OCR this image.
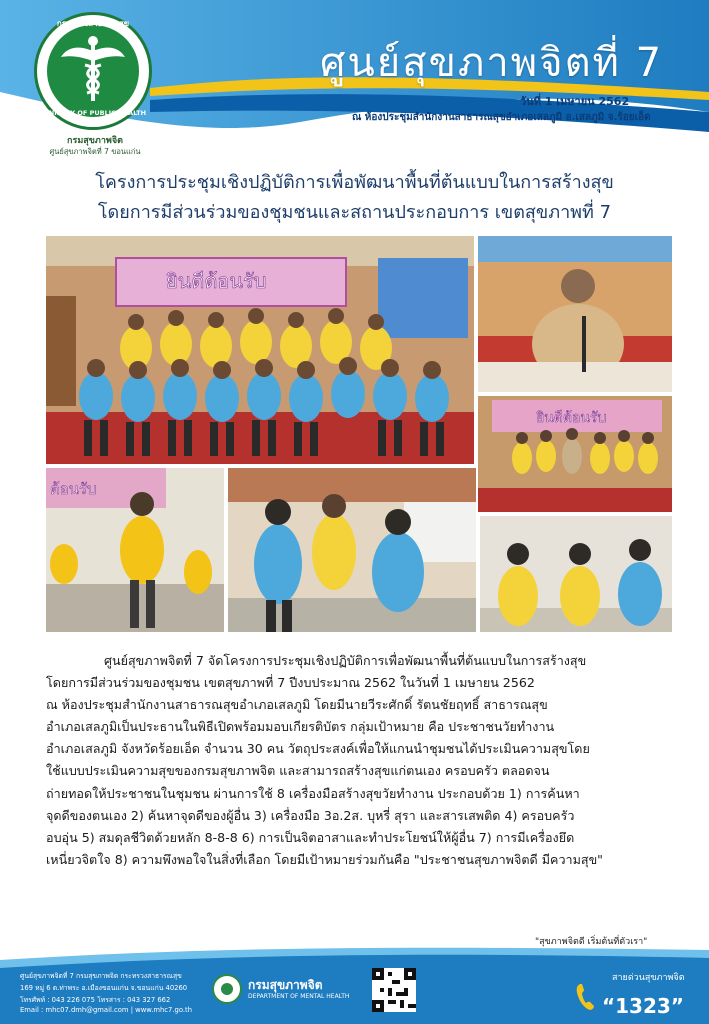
กระทรวงสาธารณสุข
MINISTRY OF PUBLIC HEALTH
กรมสุขภาพจิต
ศูนย์สุขภาพจิตที่ 7 ขอนแก่น
ศูนย์สุขภาพจิตที่ 7
วันที่ 1 เมษายน 2562
ณ ห้องประชุมสำนักงานสาธารณสุขอำเภอเสลภูมิ อ.เสลภูมิ จ.ร้อยเอ็ด
โครงการประชุมเชิงปฏิบัติการเพื่อพัฒนาพื้นที่ต้นแบบในการสร้างสุข
โดยการมีส่วนร่วมของชุมชนและสถานประกอบการ เขตสุขภาพที่ 7
ยินดีต้อนรับ
ยินดีต้อนรับ
ต้อนรับ
ศูนย์สุขภาพจิตที่ 7 จัดโครงการประชุมเชิงปฏิบัติการเพื่อพัฒนาพื้นที่ต้นแบบในการสร้างสุข
โดยการมีส่วนร่วมของชุมชน เขตสุขภาพที่ 7 ปีงบประมาณ 2562 ในวันที่ 1 เมษายน 2562
ณ ห้องประชุมสำนักงานสาธารณสุขอำเภอเสลภูมิ โดยมีนายวีระศักดิ์ รัตนชัยฤทธิ์ สาธารณสุข
อำเภอเสลภูมิเป็นประธานในพิธีเปิดพร้อมมอบเกียรติบัตร กลุ่มเป้าหมาย คือ ประชาชนวัยทำงาน
อำเภอเสลภูมิ จังหวัดร้อยเอ็ด จำนวน 30 คน วัตถุประสงค์เพื่อให้แกนนำชุมชนได้ประเมินความสุขโดย
ใช้แบบประเมินความสุขของกรมสุขภาพจิต และสามารถสร้างสุขแก่ตนเอง ครอบครัว ตลอดจน
ถ่ายทอดให้ประชาชนในชุมชน ผ่านการใช้ 8 เครื่องมือสร้างสุขวัยทำงาน ประกอบด้วย 1) การค้นหา
จุดดีของตนเอง 2) ค้นหาจุดดีของผู้อื่น 3) เครื่องมือ 3อ.2ส. บุหรี่ สุรา และสารเสพติด 4) ครอบครัว
อบอุ่น 5) สมดุลชีวิตด้วยหลัก 8-8-8 6) การเป็นจิตอาสาและทำประโยชน์ให้ผู้อื่น 7) การมีเครื่องยึด
เหนี่ยวจิตใจ 8) ความพึงพอใจในสิ่งที่เลือก โดยมีเป้าหมายร่วมกันคือ "ประชาชนสุขภาพจิตดี มีความสุข"
"สุขภาพจิตดี เริ่มต้นที่ตัวเรา"
ศูนย์สุขภาพจิตที่ 7 กรมสุขภาพจิต กระทรวงสาธารณสุข
169 หมู่ 6 ต.ท่าพระ อ.เมืองขอนแก่น จ.ขอนแก่น 40260
โทรศัพท์ : 043 226 075 โทรสาร : 043 327 662
Email : mhc07.dmh@gmail.com | www.mhc7.go.th
กรมสุขภาพจิต
DEPARTMENT OF MENTAL HEALTH
สายด่วนสุขภาพจิต
“1323”
